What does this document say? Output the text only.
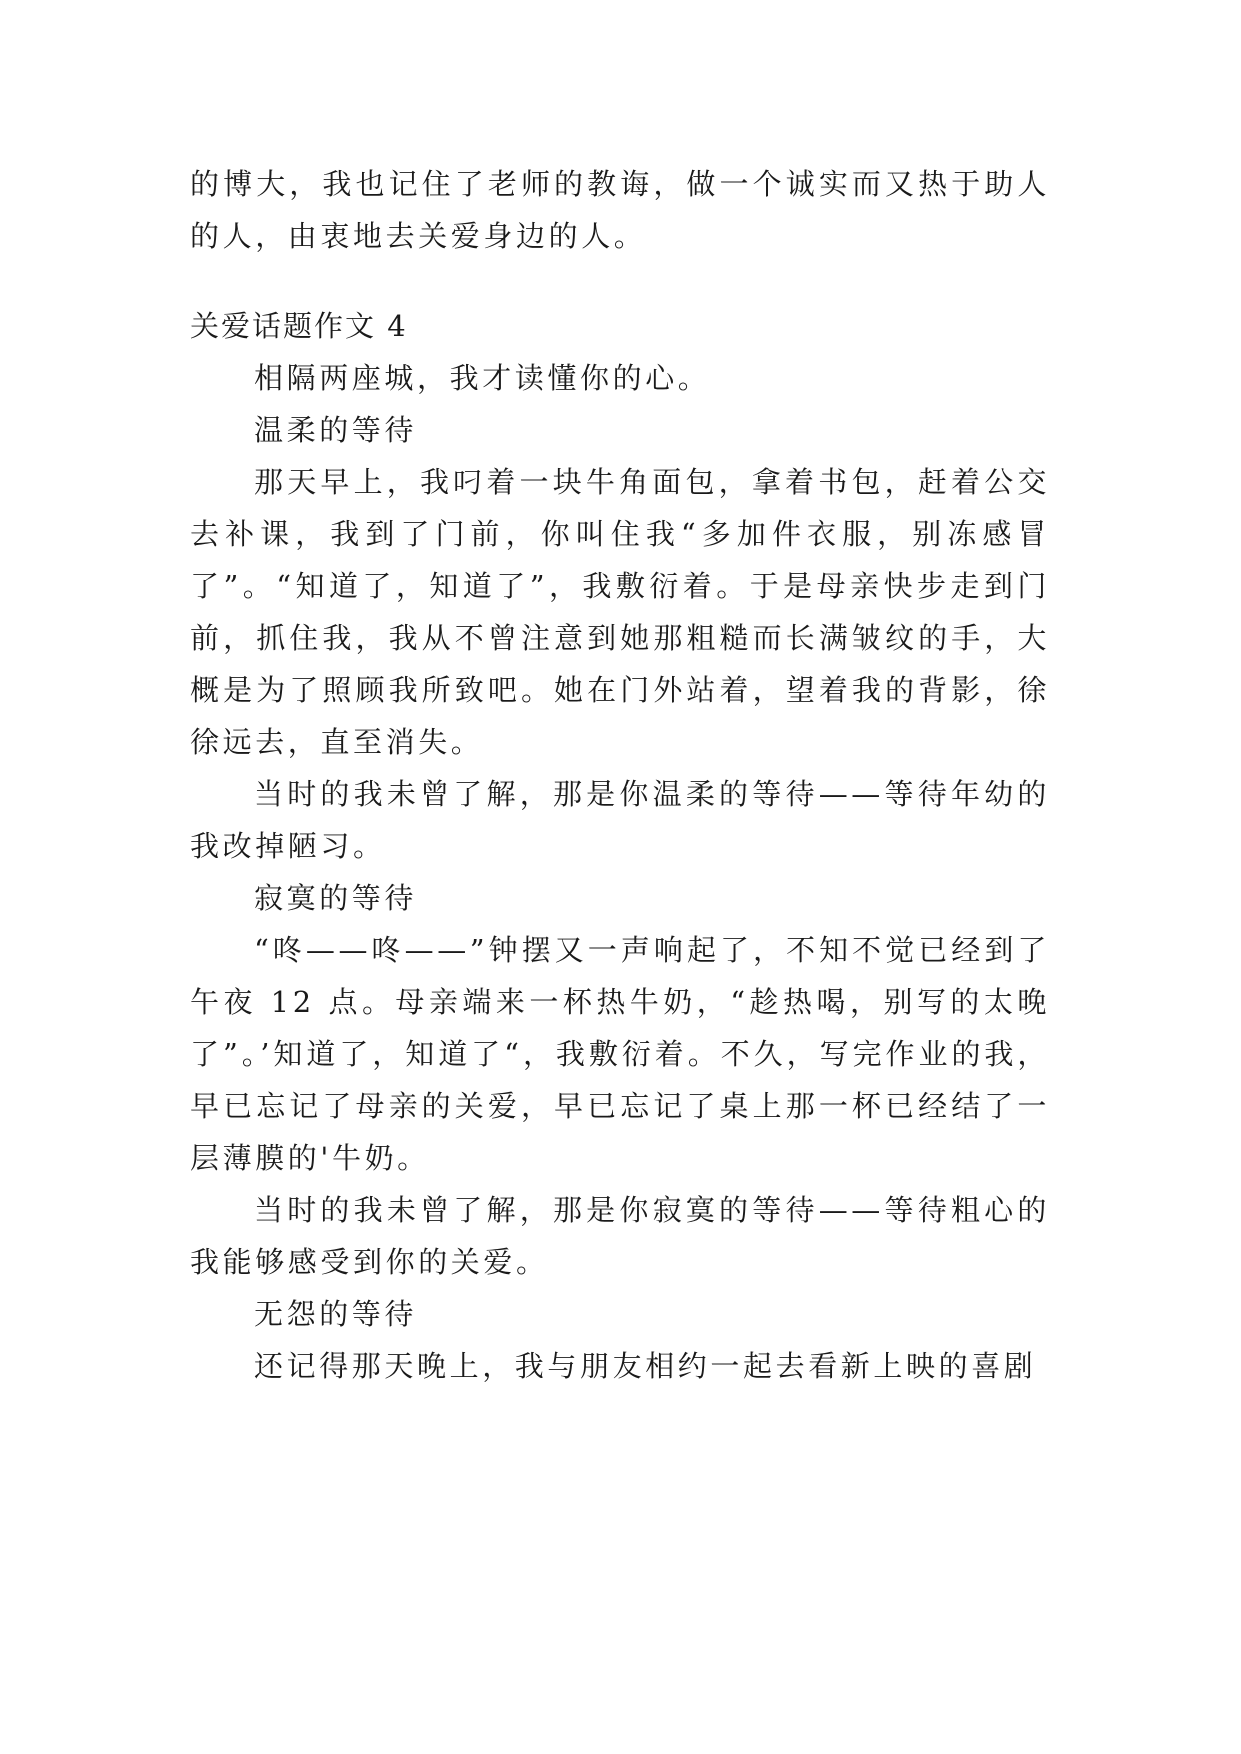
的博大，我也记住了老师的教诲，做一个诚实而又热于助人的人，由衷地去关爱身边的人。

关爱话题作文 4

相隔两座城，我才读懂你的心。

温柔的等待

那天早上，我叼着一块牛角面包，拿着书包，赶着公交去补课，我到了门前，你叫住我“多加件衣服，别冻感冒了”。“知道了，知道了”，我敷衍着。于是母亲快步走到门前，抓住我，我从不曾注意到她那粗糙而长满皱纹的手，大概是为了照顾我所致吧。她在门外站着，望着我的背影，徐徐远去，直至消失。

当时的我未曾了解，那是你温柔的等待——等待年幼的我改掉陋习。

寂寞的等待

“咚——咚——”钟摆又一声响起了，不知不觉已经到了午夜 12 点。母亲端来一杯热牛奶，“趁热喝，别写的太晚了”。’知道了，知道了“，我敷衍着。不久，写完作业的我，早已忘记了母亲的关爱，早已忘记了桌上那一杯已经结了一层薄膜的'牛奶。

当时的我未曾了解，那是你寂寞的等待——等待粗心的我能够感受到你的关爱。

无怨的等待

还记得那天晚上，我与朋友相约一起去看新上映的喜剧
